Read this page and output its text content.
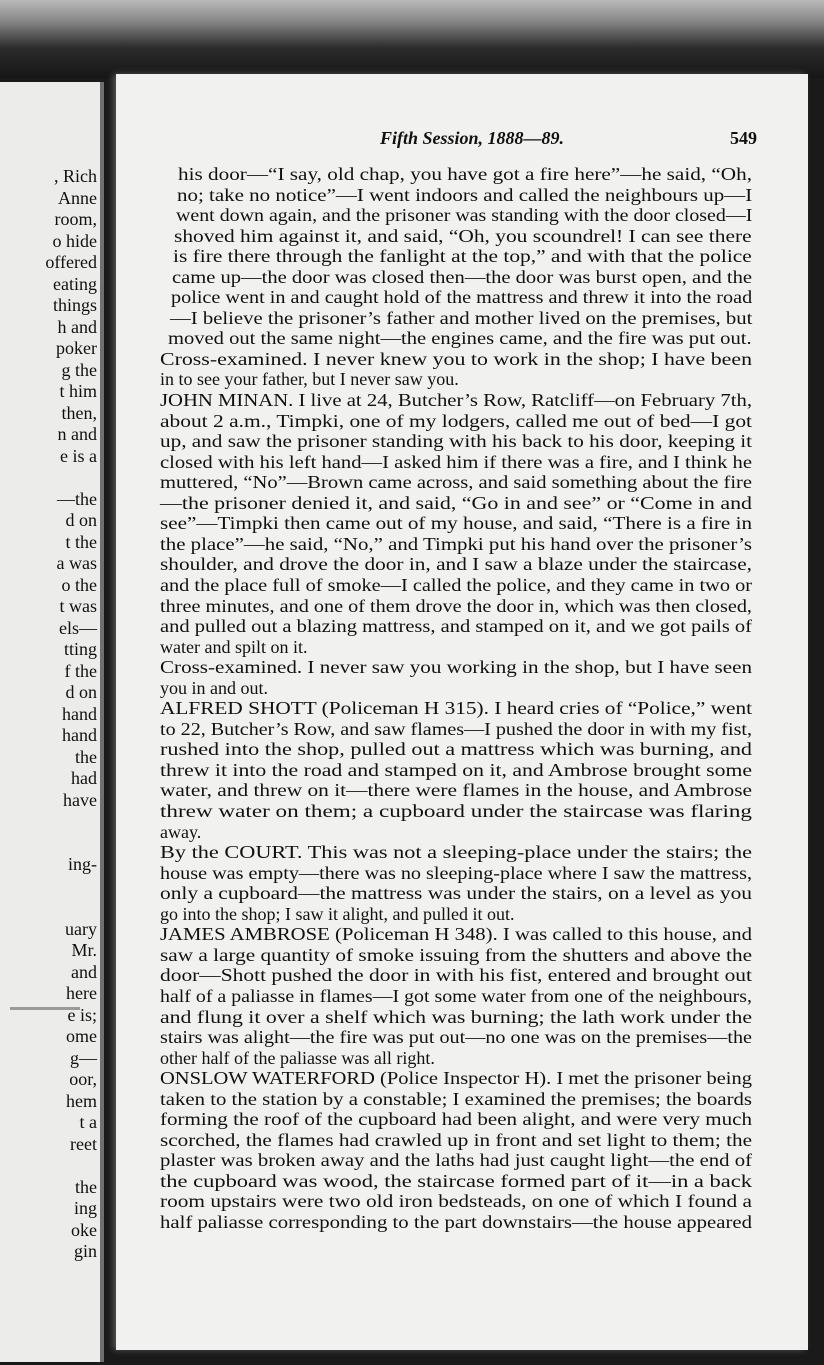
, Rich

Anne

room,

o hide

offered

eating

things

h and

poker

g the

t him

then,

n and

e is a

—the

d on

t the

a was

o the

t was

els—

tting

f the

d on

hand

hand

the

had

have

ing-

uary

Mr.

and

here

e is;

ome

g—

oor,

hem

t a

reet

the

ing

oke

gin

Fifth Session, 1888—89.	549

his door—“I say, old chap, you have got a fire here”—he said, “Oh,

no; take no notice”—I went indoors and called the neighbours up—I

went down again, and the prisoner was standing with the door closed—I

shoved him against it, and said, “Oh, you scoundrel! I can see there

is fire there through the fanlight at the top,” and with that the police

came up—the door was closed then—the door was burst open, and the

police went in and caught hold of the mattress and threw it into the road

—I believe the prisoner’s father and mother lived on the premises, but

moved out the same night—the engines came, and the fire was put out.

Cross-examined. I never knew you to work in the shop; I have been

in to see your father, but I never saw you.

JOHN MINAN. I live at 24, Butcher’s Row, Ratcliff—on February 7th,

about 2 a.m., Timpki, one of my lodgers, called me out of bed—I got

up, and saw the prisoner standing with his back to his door, keeping it

closed with his left hand—I asked him if there was a fire, and I think he

muttered, “No”—Brown came across, and said something about the fire

—the prisoner denied it, and said, “Go in and see” or “Come in and

see”—Timpki then came out of my house, and said, “There is a fire in

the place”—he said, “No,” and Timpki put his hand over the prisoner’s

shoulder, and drove the door in, and I saw a blaze under the staircase,

and the place full of smoke—I called the police, and they came in two or

three minutes, and one of them drove the door in, which was then closed,

and pulled out a blazing mattress, and stamped on it, and we got pails of

water and spilt on it.

Cross-examined. I never saw you working in the shop, but I have seen

you in and out.

ALFRED SHOTT (Policeman H 315). I heard cries of “Police,” went

to 22, Butcher’s Row, and saw flames—I pushed the door in with my fist,

rushed into the shop, pulled out a mattress which was burning, and

threw it into the road and stamped on it, and Ambrose brought some

water, and threw on it—there were flames in the house, and Ambrose

threw water on them; a cupboard under the staircase was flaring

away.

By the COURT. This was not a sleeping-place under the stairs; the

house was empty—there was no sleeping-place where I saw the mattress,

only a cupboard—the mattress was under the stairs, on a level as you

go into the shop; I saw it alight, and pulled it out.

JAMES AMBROSE (Policeman H 348). I was called to this house, and

saw a large quantity of smoke issuing from the shutters and above the

door—Shott pushed the door in with his fist, entered and brought out

half of a paliasse in flames—I got some water from one of the neighbours,

and flung it over a shelf which was burning; the lath work under the

stairs was alight—the fire was put out—no one was on the premises—the

other half of the paliasse was all right.

ONSLOW WATERFORD (Police Inspector H). I met the prisoner being

taken to the station by a constable; I examined the premises; the boards

forming the roof of the cupboard had been alight, and were very much

scorched, the flames had crawled up in front and set light to them; the

plaster was broken away and the laths had just caught light—the end of

the cupboard was wood, the staircase formed part of it—in a back

room upstairs were two old iron bedsteads, on one of which I found a

half paliasse corresponding to the part downstairs—the house appeared
